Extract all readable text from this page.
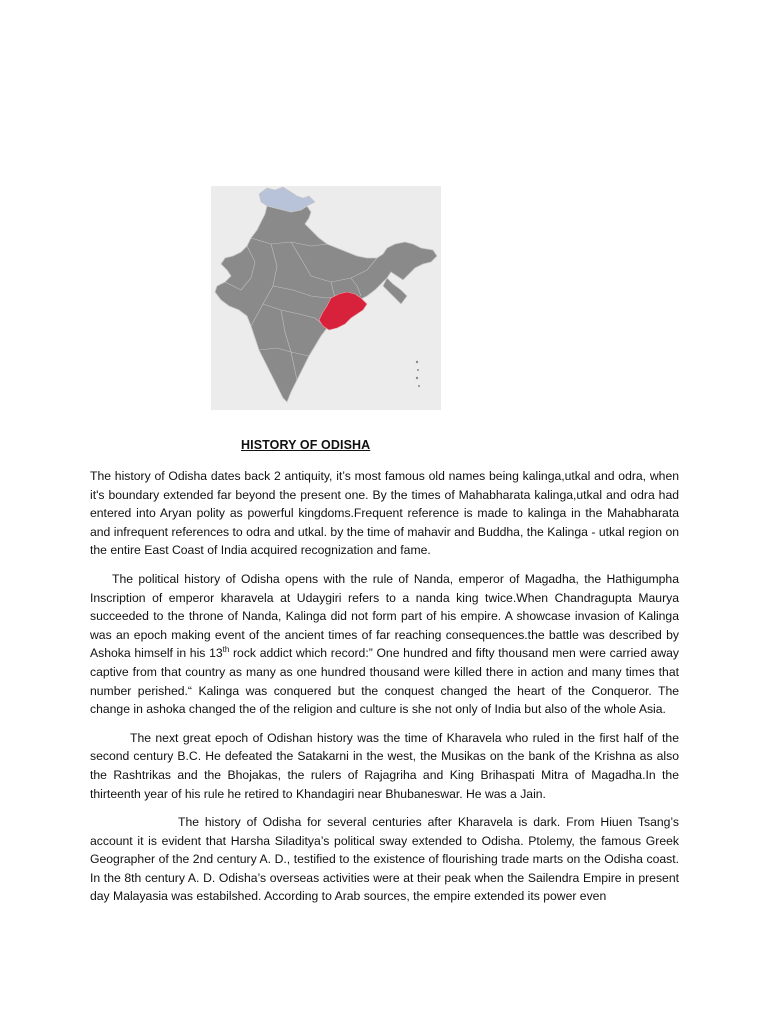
HISTORY OF ODISHA

The history of Odisha dates back 2 antiquity, it’s most famous old names being kalinga,utkal and odra, when it's boundary extended far beyond the present one. By the times of Mahabharata kalinga,utkal and odra had entered into Aryan polity as powerful kingdoms.Frequent reference is made to kalinga in the Mahabharata and infrequent references to odra and utkal. by the time of mahavir and Buddha, the Kalinga - utkal region on the entire East Coast of India acquired recognization and fame.

The political history of Odisha opens with the rule of Nanda, emperor of Magadha, the Hathigumpha Inscription of emperor kharavela at Udaygiri refers to a nanda king twice.When Chandragupta Maurya succeeded to the throne of Nanda, Kalinga did not form part of his empire. A showcase invasion of Kalinga was an epoch making event of the ancient times of far reaching consequences.the battle was described by Ashoka himself in his 13th rock addict which record:” One hundred and fifty thousand men were carried away captive from that country as many as one hundred thousand were killed there in action and many times that number perished.“ Kalinga was conquered but the conquest changed the heart of the Conqueror. The change in ashoka changed the of the religion and culture is she not only of India but also of the whole Asia.

The next great epoch of Odishan history was the time of Kharavela who ruled in the first half of the second century B.C. He defeated the Satakarni in the west, the Musikas on the bank of the Krishna as also the Rashtrikas and the Bhojakas, the rulers of Rajagriha and King Brihaspati Mitra of Magadha.In the thirteenth year of his rule he retired to Khandagiri near Bhubaneswar. He was a Jain.

The history of Odisha for several centuries after Kharavela is dark. From Hiuen Tsang’s account it is evident that Harsha Siladitya’s political sway extended to Odisha. Ptolemy, the famous Greek Geographer of the 2nd century A. D., testified to the existence of flourishing trade marts on the Odisha coast. In the 8th century A. D. Odisha’s overseas activities were at their peak when the Sailendra Empire in present day Malayasia was estabilshed. According to Arab sources, the empire extended its power even
